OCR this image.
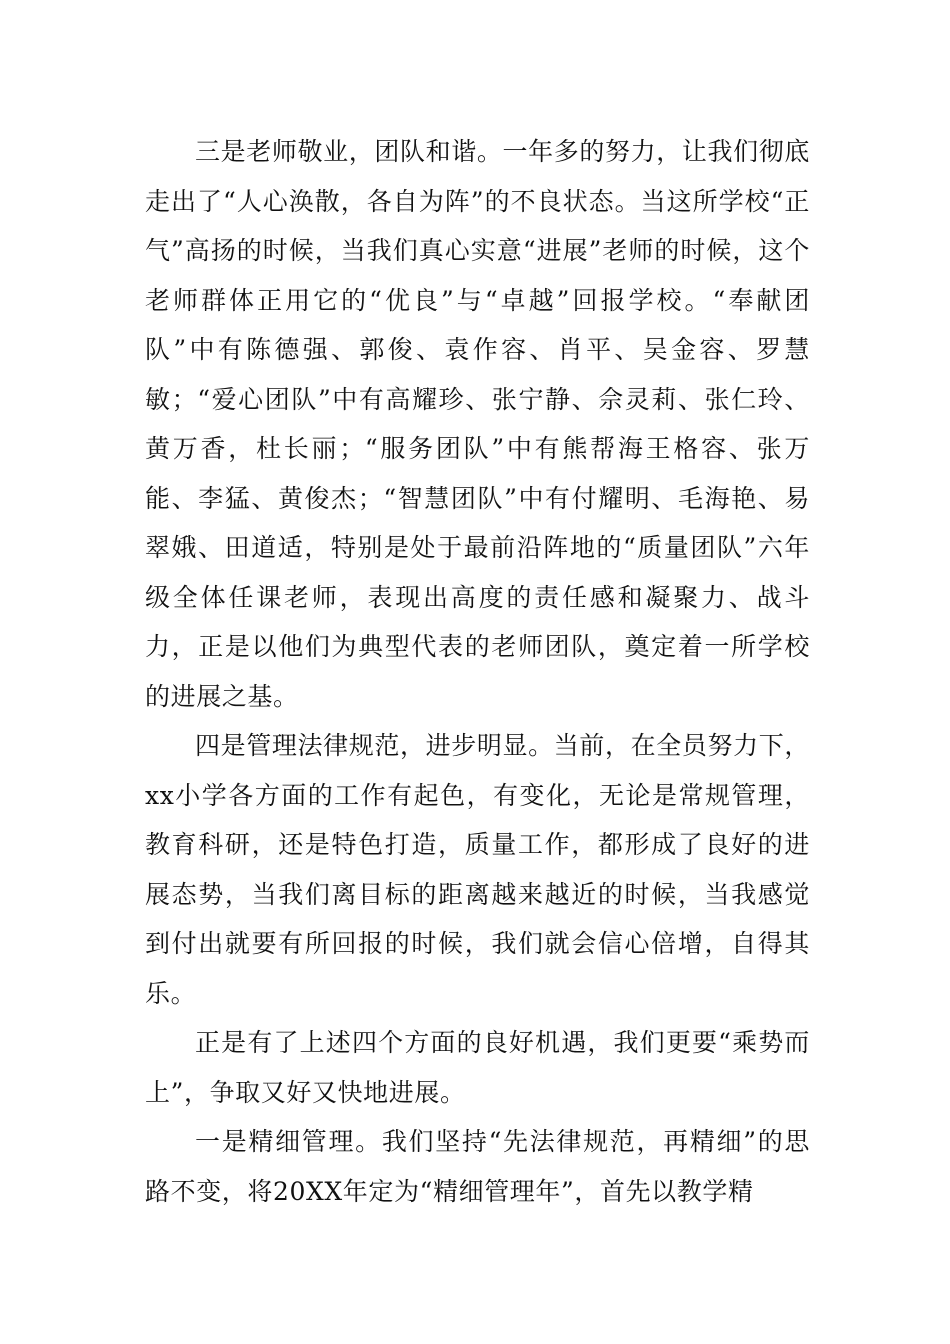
三是老师敬业，团队和谐。一年多的努力，让我们彻底走出了“人心涣散，各自为阵”的不良状态。当这所学校“正气”高扬的时候，当我们真心实意“进展”老师的时候，这个老师群体正用它的“优良”与“卓越”回报学校。“奉献团队”中有陈德强、郭俊、袁作容、肖平、吴金容、罗慧敏；“爱心团队”中有高耀珍、张宁静、佘灵莉、张仁玲、黄万香，杜长丽；“服务团队”中有熊帮海王格容、张万能、李猛、黄俊杰；“智慧团队”中有付耀明、毛海艳、易翠娥、田道适，特别是处于最前沿阵地的“质量团队”六年级全体任课老师，表现出高度的责任感和凝聚力、战斗力，正是以他们为典型代表的老师团队，奠定着一所学校的进展之基。

四是管理法律规范，进步明显。当前，在全员努力下，xx小学各方面的工作有起色，有变化，无论是常规管理，教育科研，还是特色打造，质量工作，都形成了良好的进展态势，当我们离目标的距离越来越近的时候，当我感觉到付出就要有所回报的时候，我们就会信心倍增，自得其乐。

正是有了上述四个方面的良好机遇，我们更要“乘势而上”，争取又好又快地进展。

一是精细管理。我们坚持“先法律规范，再精细”的思路不变，将20XX年定为“精细管理年”，首先以教学精
